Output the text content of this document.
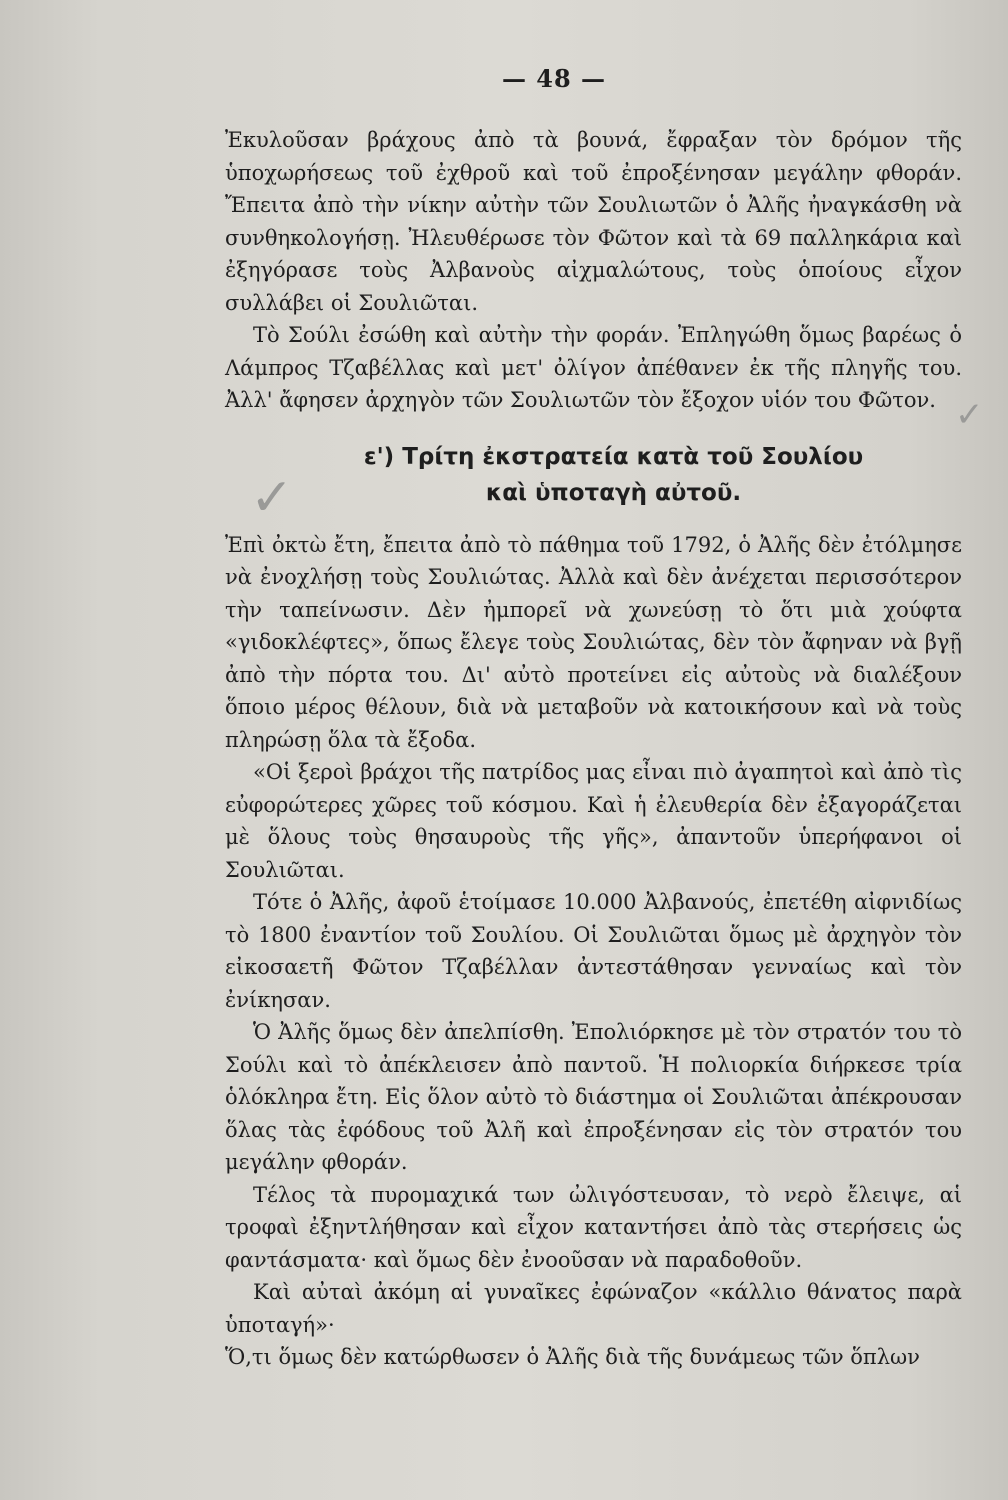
— 48 —
✓
✓

Ἐκυλοῦσαν βράχους ἀπὸ τὰ βουνά, ἔφραξαν τὸν δρόμον τῆς ὑποχωρήσεως τοῦ ἐχθροῦ καὶ τοῦ ἐπροξένησαν μεγάλην φθοράν. Ἔπειτα ἀπὸ τὴν νίκην αὐτὴν τῶν Σουλιωτῶν ὁ Ἀλῆς ἠναγκάσθη νὰ συνθηκολογήσῃ. Ἠλευθέρωσε τὸν Φῶτον καὶ τὰ 69 παλληκάρια καὶ ἐξηγόρασε τοὺς Ἀλβανοὺς αἰχμαλώτους, τοὺς ὁποίους εἶχον συλλάβει οἱ Σουλιῶται.

Τὸ Σούλι ἐσώθη καὶ αὐτὴν τὴν φοράν. Ἐπληγώθη ὅμως βαρέως ὁ Λάμπρος Τζαβέλλας καὶ μετ' ὀλίγον ἀπέθανεν ἐκ τῆς πληγῆς του. Ἀλλ' ἄφησεν ἀρχηγὸν τῶν Σουλιωτῶν τὸν ἔξοχον υἱόν του Φῶτον.

ε') Τρίτη ἐκστρατεία κατὰ τοῦ Σουλίου
καὶ ὑποταγὴ αὐτοῦ.

Ἐπὶ ὀκτὼ ἔτη, ἔπειτα ἀπὸ τὸ πάθημα τοῦ 1792, ὁ Ἀλῆς δὲν ἐτόλμησε νὰ ἐνοχλήσῃ τοὺς Σουλιώτας. Ἀλλὰ καὶ δὲν ἀνέχεται περισσότερον τὴν ταπείνωσιν. Δὲν ἠμπορεῖ νὰ χωνεύσῃ τὸ ὅτι μιὰ χούφτα «γιδοκλέφτες», ὅπως ἔλεγε τοὺς Σουλιώτας, δὲν τὸν ἄφηναν νὰ βγῇ ἀπὸ τὴν πόρτα του. Δι' αὐτὸ προτείνει εἰς αὐτοὺς νὰ διαλέξουν ὅποιο μέρος θέλουν, διὰ νὰ μεταβοῦν νὰ κατοικήσουν καὶ νὰ τοὺς πληρώσῃ ὅλα τὰ ἔξοδα.

«Οἱ ξεροὶ βράχοι τῆς πατρίδος μας εἶναι πιὸ ἀγαπητοὶ καὶ ἀπὸ τὶς εὐφορώτερες χῶρες τοῦ κόσμου. Καὶ ἡ ἐλευθερία δὲν ἐξαγοράζεται μὲ ὅλους τοὺς θησαυροὺς τῆς γῆς», ἀπαντοῦν ὑπερήφανοι οἱ Σουλιῶται.

Τότε ὁ Ἀλῆς, ἀφοῦ ἑτοίμασε 10.000 Ἀλβανούς, ἐπετέθη αἰφνιδίως τὸ 1800 ἐναντίον τοῦ Σουλίου. Οἱ Σουλιῶται ὅμως μὲ ἀρχηγὸν τὸν εἰκοσαετῆ Φῶτον Τζαβέλλαν ἀντεστάθησαν γενναίως καὶ τὸν ἐνίκησαν.

Ὁ Ἀλῆς ὅμως δὲν ἀπελπίσθη. Ἐπολιόρκησε μὲ τὸν στρατόν του τὸ Σούλι καὶ τὸ ἀπέκλεισεν ἀπὸ παντοῦ. Ἡ πολιορκία διήρκεσε τρία ὁλόκληρα ἔτη. Εἰς ὅλον αὐτὸ τὸ διάστημα οἱ Σουλιῶται ἀπέκρουσαν ὅλας τὰς ἐφόδους τοῦ Ἀλῆ καὶ ἐπροξένησαν εἰς τὸν στρατόν του μεγάλην φθοράν.

Τέλος τὰ πυρομαχικά των ὠλιγόστευσαν, τὸ νερὸ ἔλειψε, αἱ τροφαὶ ἐξηντλήθησαν καὶ εἶχον καταντήσει ἀπὸ τὰς στερήσεις ὡς φαντάσματα· καὶ ὅμως δὲν ἐνοοῦσαν νὰ παραδοθοῦν.

Καὶ αὐταὶ ἀκόμη αἱ γυναῖκες ἐφώναζον «κάλλιο θάνατος παρὰ ὑποταγή»·

Ὅ,τι ὅμως δὲν κατώρθωσεν ὁ Ἀλῆς διὰ τῆς δυνάμεως τῶν ὅπλων
